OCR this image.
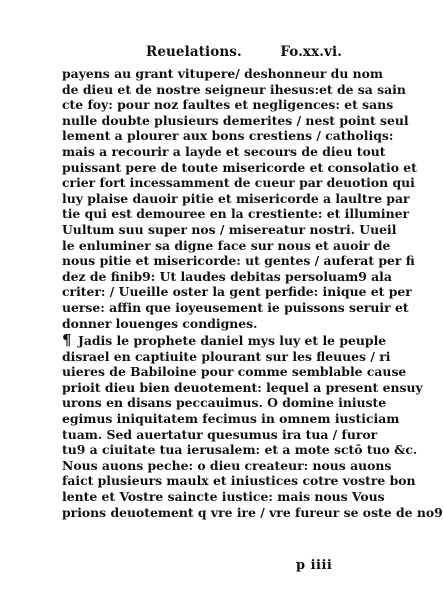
Reuelations.	Fo.xx.vi.
payens au grant vitupere/ deshonneur du nom
de dieu et de nostre seigneur ihesus:et de sa sain
cte foy: pour noz faultes et negligences: et sans
nulle doubte plusieurs demerites / nest point seul
lement a plourer aux bons crestiens / catholiqs:
mais a recourir a layde et secours de dieu tout
puissant pere de toute misericorde et consolatio et
crier fort incessamment de cueur par deuotion qui
luy plaise dauoir pitie et misericorde a laultre par
tie qui est demouree en la crestiente: et illuminer
Uultum suu super nos / misereatur nostri. Uueil
le enluminer sa digne face sur nous et auoir de
nous pitie et misericorde: ut gentes / auferat per fi
dez de finib9: Ut laudes debitas persoluam9 ala
criter: / Uueille oster la gent perfide: inique et per
uerse: affin que ioyeusement ie puissons seruir et
donner louenges condignes.
¶ Jadis le prophete daniel mys luy et le peuple
disrael en captiuite plourant sur les fleuues / ri
uieres de Babiloine pour comme semblable cause
prioit dieu bien deuotement: lequel a present ensuy
urons en disans peccauimus. O domine iniuste
egimus iniquitatem fecimus in omnem iusticiam
tuam. Sed auertatur quesumus ira tua / furor
tu9 a ciuitate tua ierusalem: et a mote sctō tuo &c.
Nous auons peche: o dieu createur: nous auons
faict plusieurs maulx et iniustices cotre vostre bon
lente et Vostre saincte iustice: mais nous Vous
prions deuotement q vre ire / vre fureur se oste de no9
p iiii
